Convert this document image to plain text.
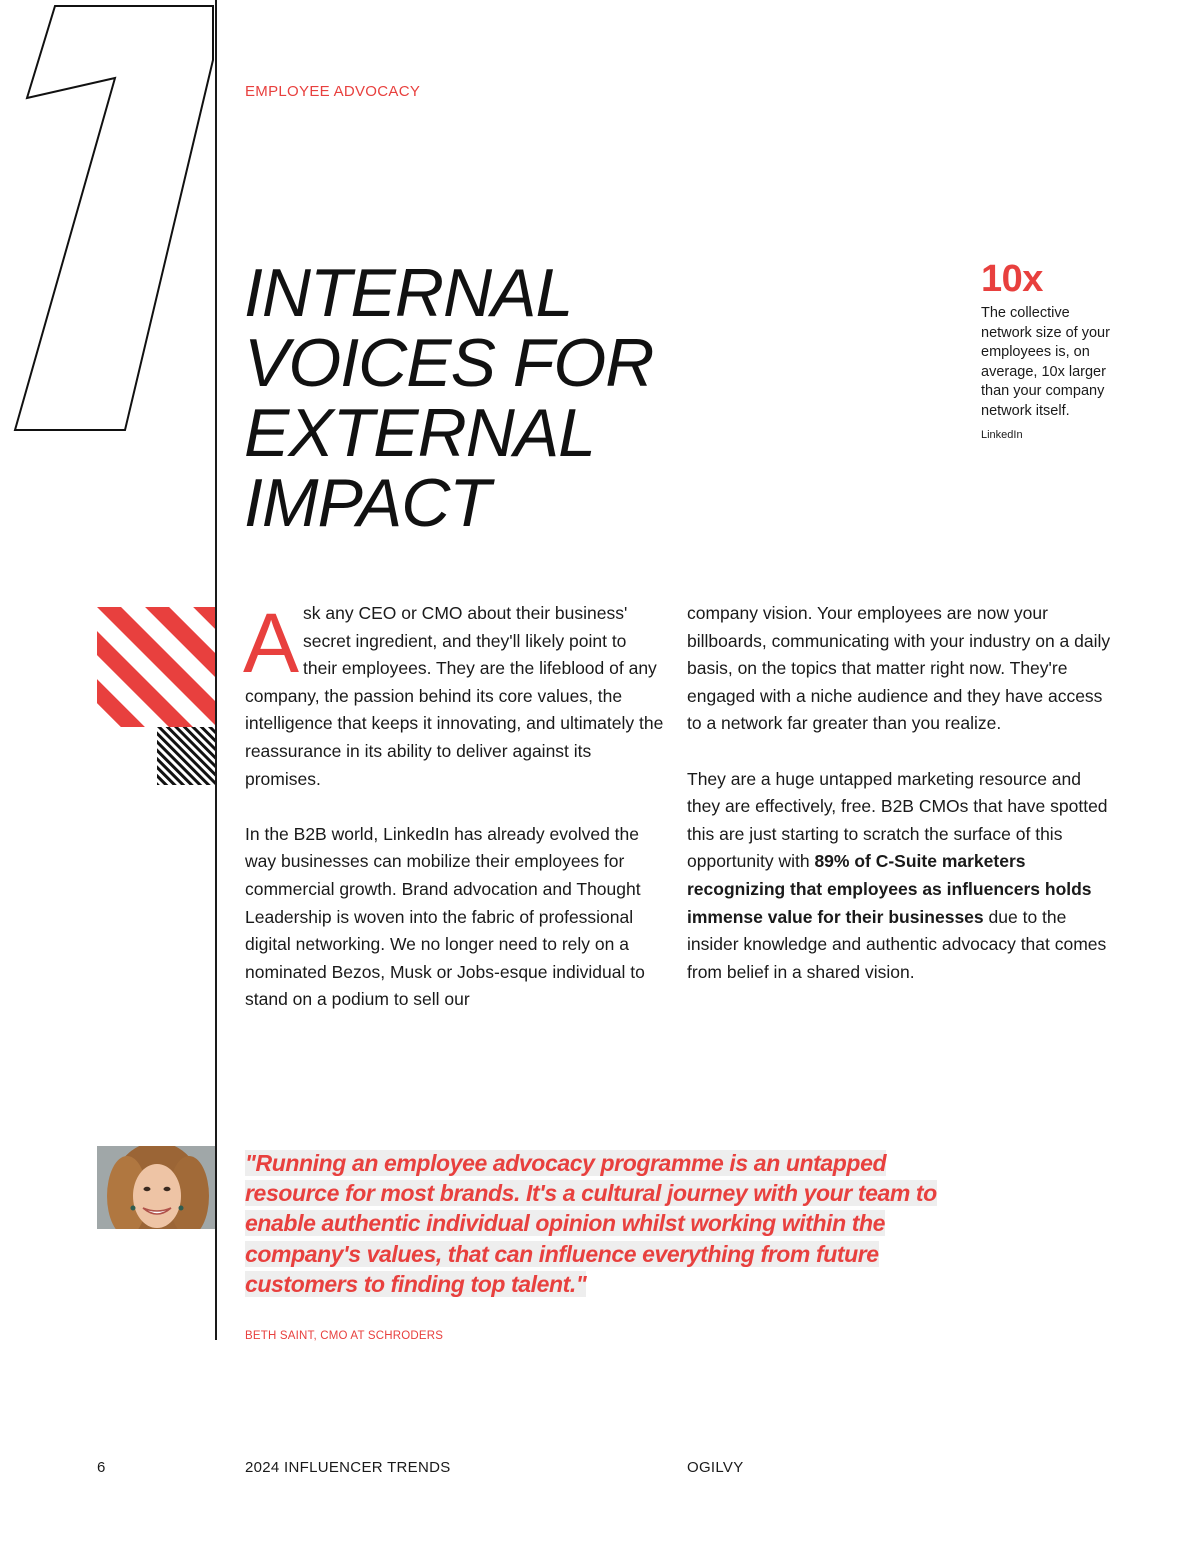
EMPLOYEE ADVOCACY
INTERNAL
VOICES FOR
EXTERNAL
IMPACT
10x
The collective network size of your employees is, on average, 10x larger than your company network itself.
LinkedIn

Ask any CEO or CMO about their business' secret ingredient, and they'll likely point to their employees. They are the lifeblood of any company, the passion behind its core values, the intelligence that keeps it innovating, and ultimately the reassurance in its ability to deliver against its promises.

In the B2B world, LinkedIn has already evolved the way businesses can mobilize their employees for commercial growth. Brand advocation and Thought Leadership is woven into the fabric of professional digital networking. We no longer need to rely on a nominated Bezos, Musk or Jobs-esque individual to stand on a podium to sell our

company vision. Your employees are now your billboards, communicating with your industry on a daily basis, on the topics that matter right now. They're engaged with a niche audience and they have access to a network far greater than you realize.

They are a huge untapped marketing resource and they are effectively, free. B2B CMOs that have spotted this are just starting to scratch the surface of this opportunity with 89% of C-Suite marketers recognizing that employees as influencers holds immense value for their businesses due to the insider knowledge and authentic advocacy that comes from belief in a shared vision.

"Running an employee advocacy programme is an untapped resource for most brands. It's a cultural journey with your team to enable authentic individual opinion whilst working within the company's values, that can influence everything from future customers to finding top talent."

BETH SAINT, CMO AT SCHRODERS
6	2024 INFLUENCER TRENDS	OGILVY
